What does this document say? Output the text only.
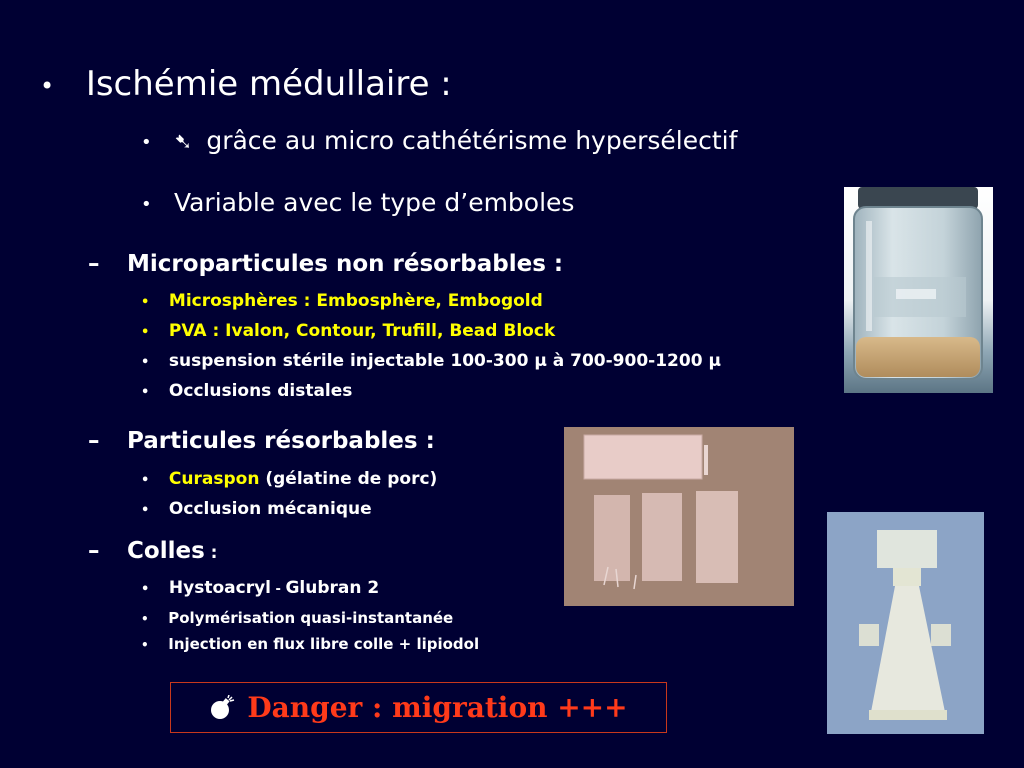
• Ischémie médullaire :
• ➷ grâce au micro cathétérisme hypersélectif
• Variable avec le type d’emboles
– Microparticules non résorbables :
• Microsphères : Embosphère, Embogold
• PVA : Ivalon, Contour, Trufill, Bead Block
• suspension stérile injectable 100-300 µ à 700-900-1200 µ
• Occlusions distales
– Particules résorbables :
• Curaspon (gélatine de porc)
• Occlusion mécanique
– Colles :
• Hystoacryl - Glubran 2
• Polymérisation quasi-instantanée
• Injection en flux libre colle + lipiodol
Danger : migration +++
